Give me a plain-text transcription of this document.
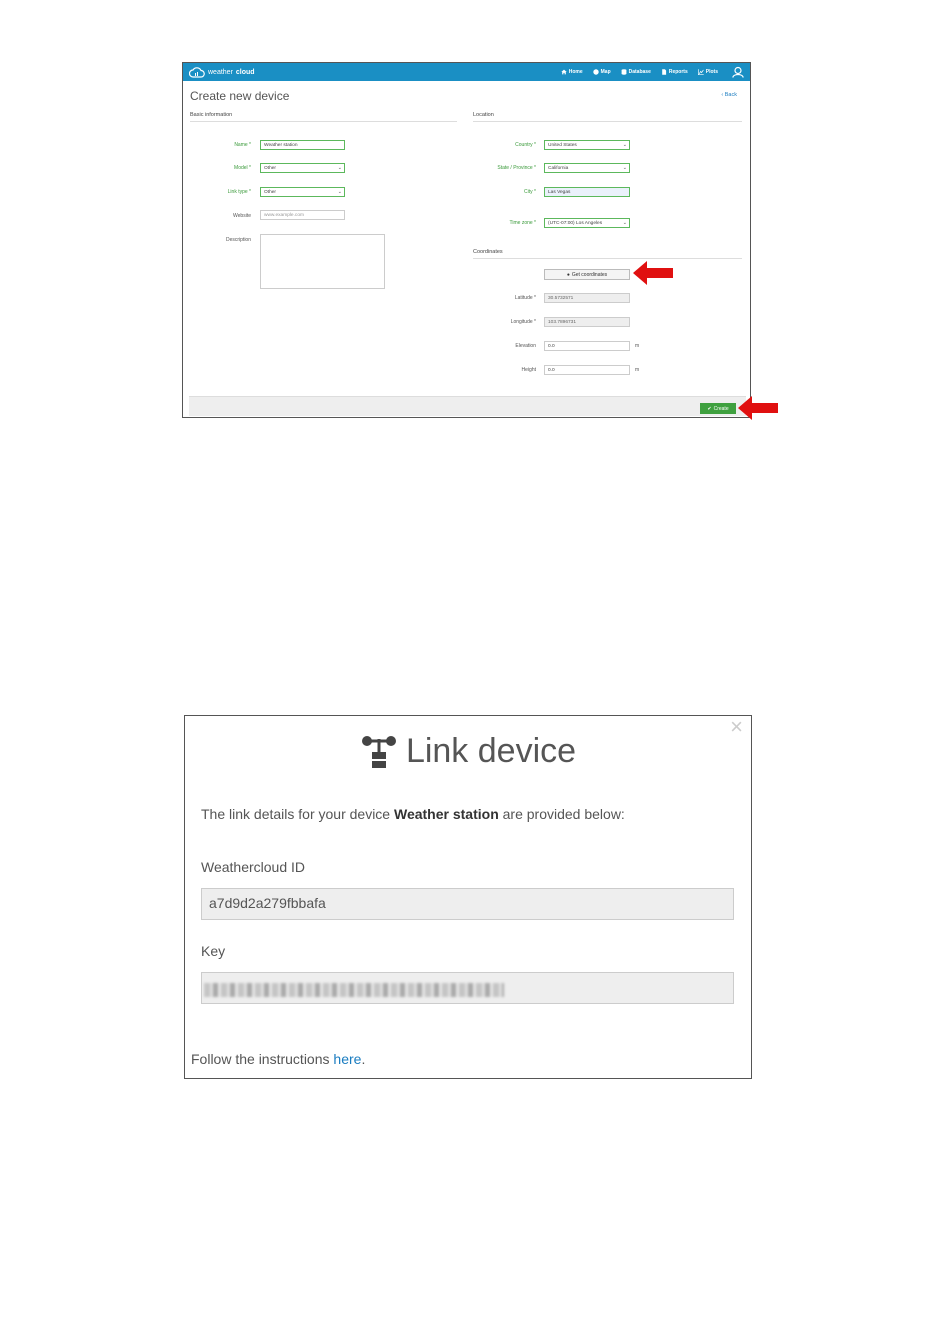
weather cloud	Home	Map	Database	Reports	Plots
Create new device	‹ Back
Basic information	Location
Coordinates
Name *	Weather station
Model *	Other	⌄
Link type *	Other	⌄
Website	www.example.com
Description
Country *	United States	⌄
State / Province *	California	⌄
City *	Las Vegas
Time zone *	(UTC-07:00) Los Angeles	⌄
● Get coordinates
Latitude *	30.5732571
Longitude *	103.7896731
Elevation	0.0	m
Height	0.0	m
✔ Create
×
Link device
The link details for your device Weather station are provided below:
Weathercloud ID
a7d9d2a279fbbafa
Key
Follow the instructions here.
